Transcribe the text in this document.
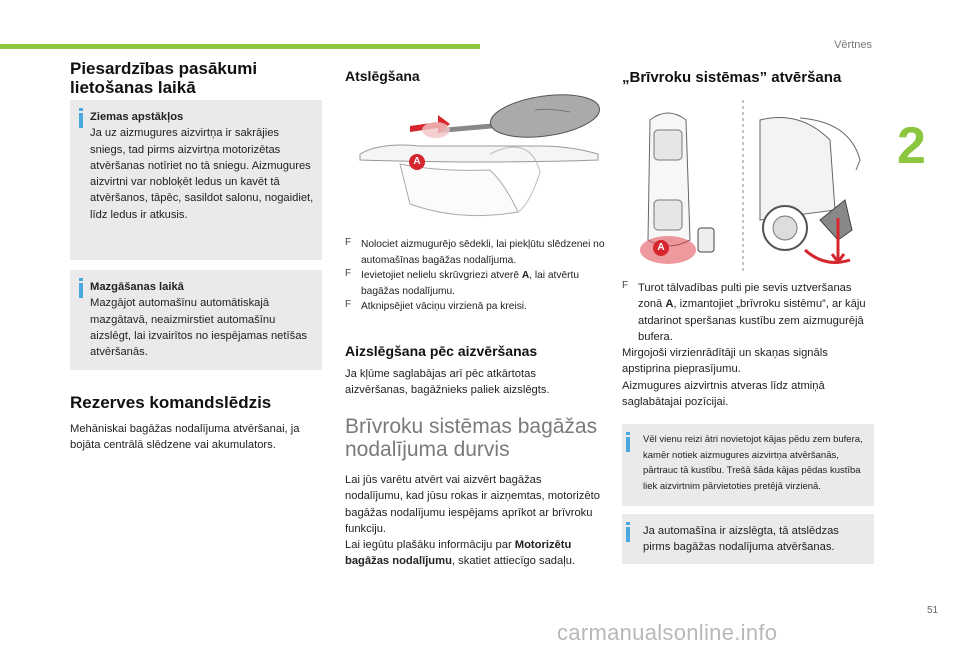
Vērtnes
2
Piesardzības pasākumi lietošanas laikā

Ziemas apstākļos

Ja uz aizmugures aizvirtņa ir sakrājies sniegs, tad pirms aizvirtņa motorizētas atvēršanas notīriet no tā sniegu. Aizmugures aizvirtni var nobloķēt ledus un kavēt tā atvēršanos, tāpēc, sasildot salonu, nogaidiet, līdz ledus ir atkusis.

Mazgāšanas laikā

Mazgājot automašīnu automātiskajā mazgātavā, neaizmirstiet automašīnu aizslēgt, lai izvairītos no iespējamas netīšas atvēršanās.

Rezerves komandslēdzis

Mehāniskai bagāžas nodalījuma atvēršanai, ja bojāta centrālā slēdzene vai akumulators.

Atslēgšana
A
F Nolociet aizmugurējo sēdekli, lai piekļūtu slēdzenei no automašīnas bagāžas nodalījuma.

F Ievietojiet nelielu skrūvgriezi atverē A, lai atvērtu bagāžas nodalījumu.

F Atknipsējiet vāciņu virzienā pa kreisi.

Aizslēgšana pēc aizvēršanas

Ja kļūme saglabājas arī pēc atkārtotas aizvēršanas, bagāžnieks paliek aizslēgts.

Brīvroku sistēmas bagāžas nodalījuma durvis

Lai jūs varētu atvērt vai aizvērt bagāžas nodalījumu, kad jūsu rokas ir aizņemtas, motorizēto bagāžas nodalījumu iespējams aprīkot ar brīvroku funkciju.

Lai iegūtu plašāku informāciju par Motorizētu bagāžas nodalījumu, skatiet attiecīgo sadaļu.

„Brīvroku sistēmas” atvēršana
A
F Turot tālvadības pulti pie sevis uztveršanas zonā A, izmantojiet „brīvroku sistēmu”, ar kāju atdarinot speršanas kustību zem aizmugurējā bufera.

Mirgojoši virzienrādītāji un skaņas signāls apstiprina pieprasījumu.

Aizmugures aizvirtnis atveras līdz atmiņā saglabātajai pozīcijai.

Vēl vienu reizi ātri novietojot kājas pēdu zem bufera, kamēr notiek aizmugures aizvirtņa atvēršanās, pārtrauc tā kustību. Trešā šāda kājas pēdas kustība liek aizvirtnim pārvietoties pretējā virzienā.

Ja automašīna ir aizslēgta, tā atslēdzas pirms bagāžas nodalījuma atvēršanas.

51
carmanualsonline.info
